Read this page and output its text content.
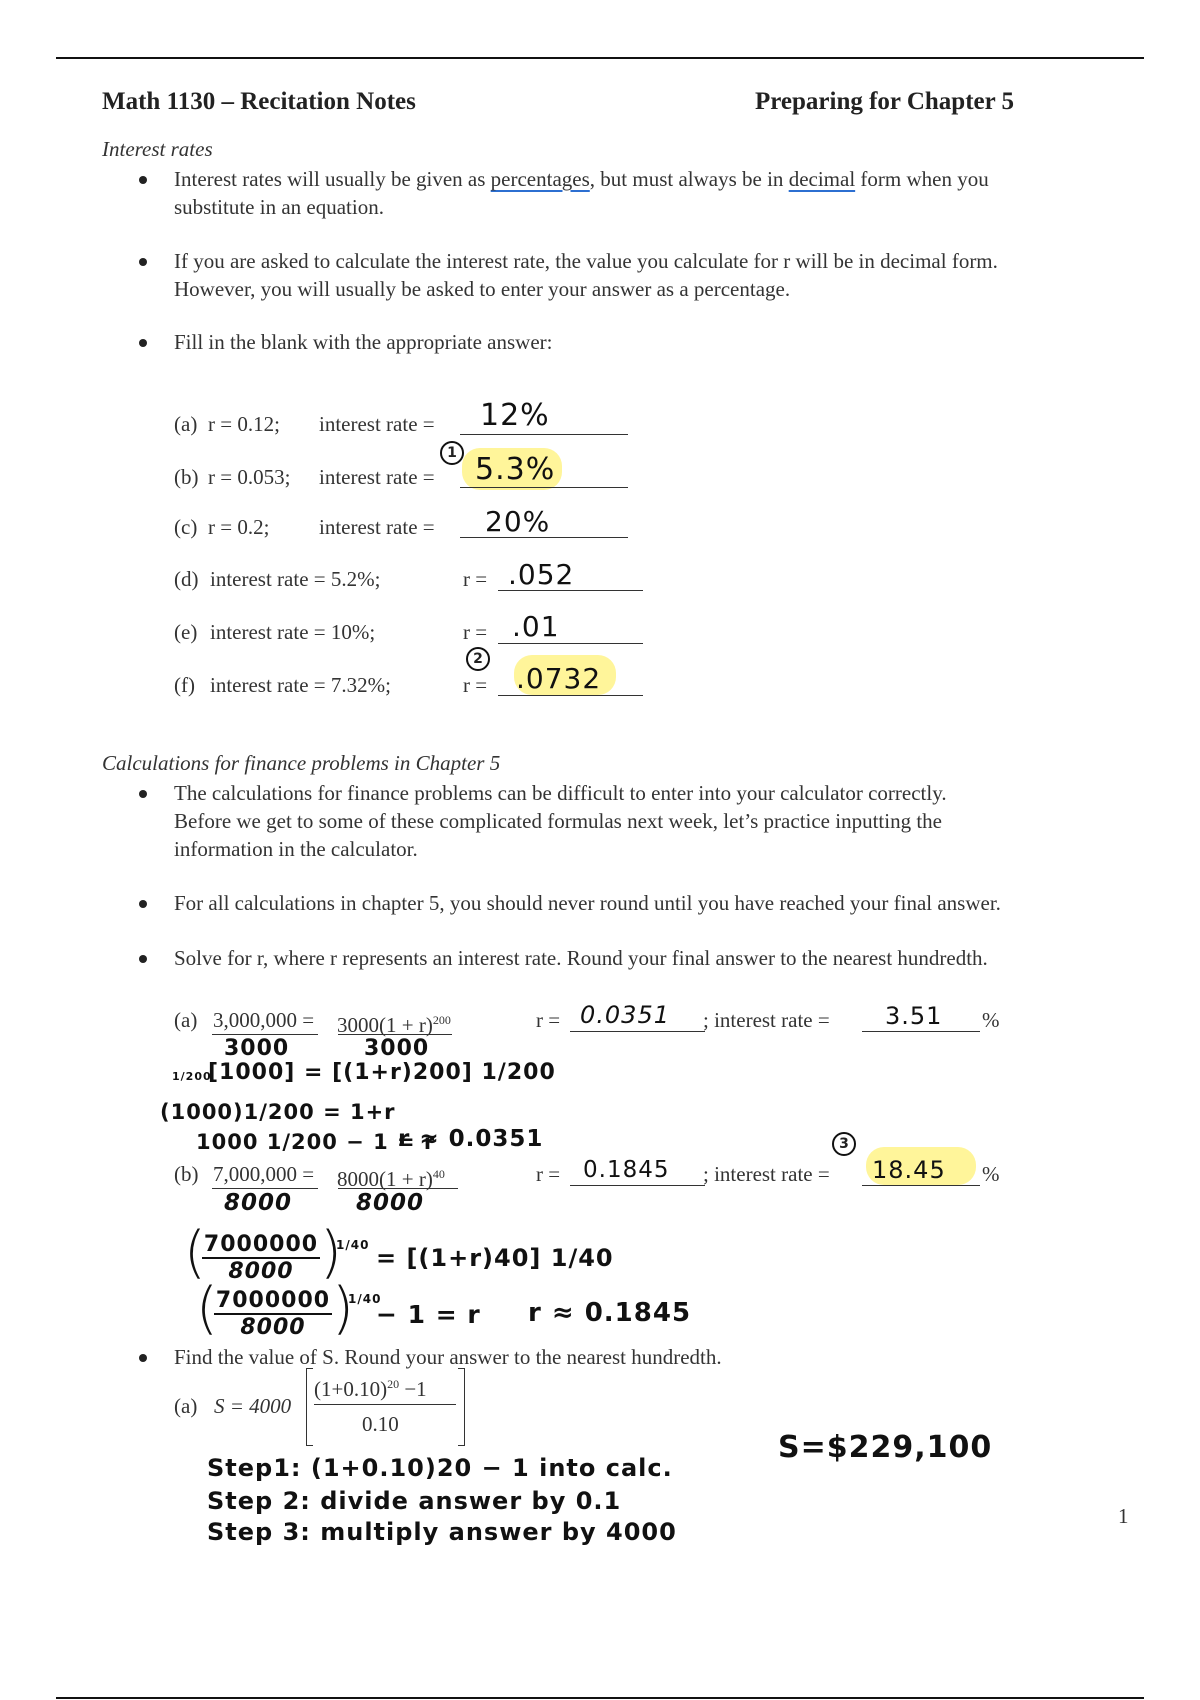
Math 1130 – Recitation Notes	Preparing for Chapter 5
Interest rates
Interest rates will usually be given as percentages, but must always be in decimal form when you
substitute in an equation.
If you are asked to calculate the interest rate, the value you calculate for r will be in decimal form.
However, you will usually be asked to enter your answer as a percentage.
Fill in the blank with the appropriate answer:
(a) r = 0.12; interest rate = 12%
1
(b) r = 0.053; interest rate = 5.3%
(c) r = 0.2; interest rate = 20%
(d) interest rate = 5.2%;	r = .052
(e) interest rate = 10%;	r = .01
2
(f) interest rate = 7.32%;	r = .0732
Calculations for finance problems in Chapter 5
The calculations for finance problems can be difficult to enter into your calculator correctly.
Before we get to some of these complicated formulas next week, let’s practice inputting the
information in the calculator.
For all calculations in chapter 5, you should never round until you have reached your final answer.
Solve for r, where r represents an interest rate. Round your final answer to the nearest hundredth.
(a) $3,000,000 = 3000(1 + r)^{200}$
3000	3000
r = 0.0351 ; interest rate = 3.51 %
1/200
[1000] = [(1+r)200] 1/200
(1000)1/200 = 1+r
1000 1/200 − 1 = r
r ≈ 0.0351	3
(b) $7,000,000 = 8000(1 + r)^{40}$
8000	8000
r = 0.1845 ; interest rate = 18.45 %
(
$\frac{7000000}{8000}$ )
1/40 = [(1+r)40] 1/40
(
$\frac{7000000}{8000}$ )
1/40
− 1 = r r ≈ 0.1845
Find the value of S. Round your answer to the nearest hundredth.
(a) S = 4000
$(1+0.10)^{20} -1$
0.10
S=$229,100
Step1: (1+0.10)20 − 1 into calc.
Step 2: divide answer by 0.1
Step 3: multiply answer by 4000
1
